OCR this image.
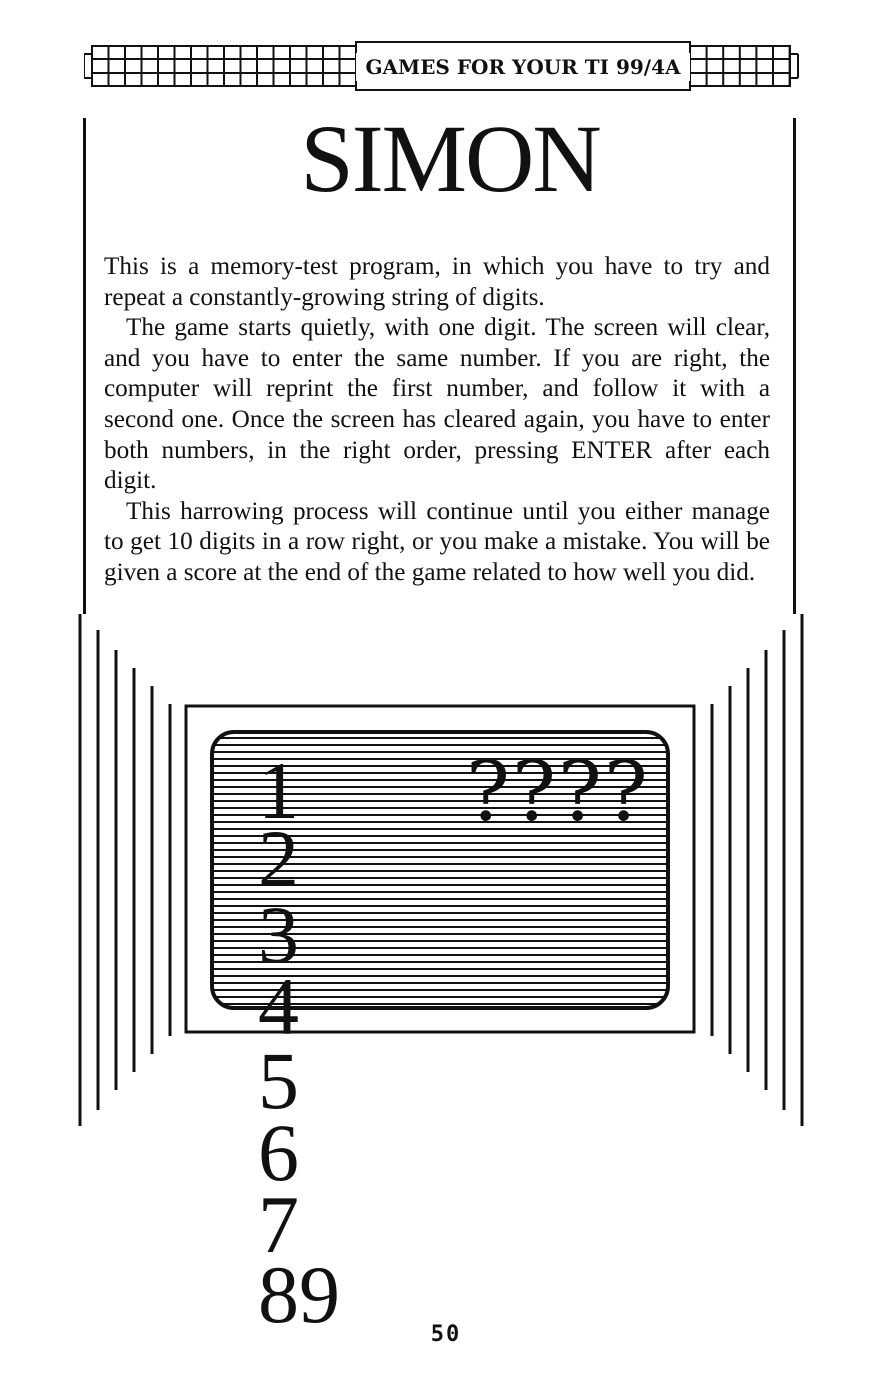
GAMES FOR YOUR TI 99/4A
SIMON

This is a memory-test program, in which you have to try and repeat a constantly-growing string of digits.

The game starts quietly, with one digit. The screen will clear, and you have to enter the same number. If you are right, the computer will reprint the first number, and follow it with a second one. Once the screen has cleared again, you have to enter both numbers, in the right order, pressing ENTER after each digit.

This harrowing process will continue until you either manage to get 10 digits in a row right, or you make a mistake. You will be given a score at the end of the game related to how well you did.

????
1
2
3
4
5
6
7
89	50
